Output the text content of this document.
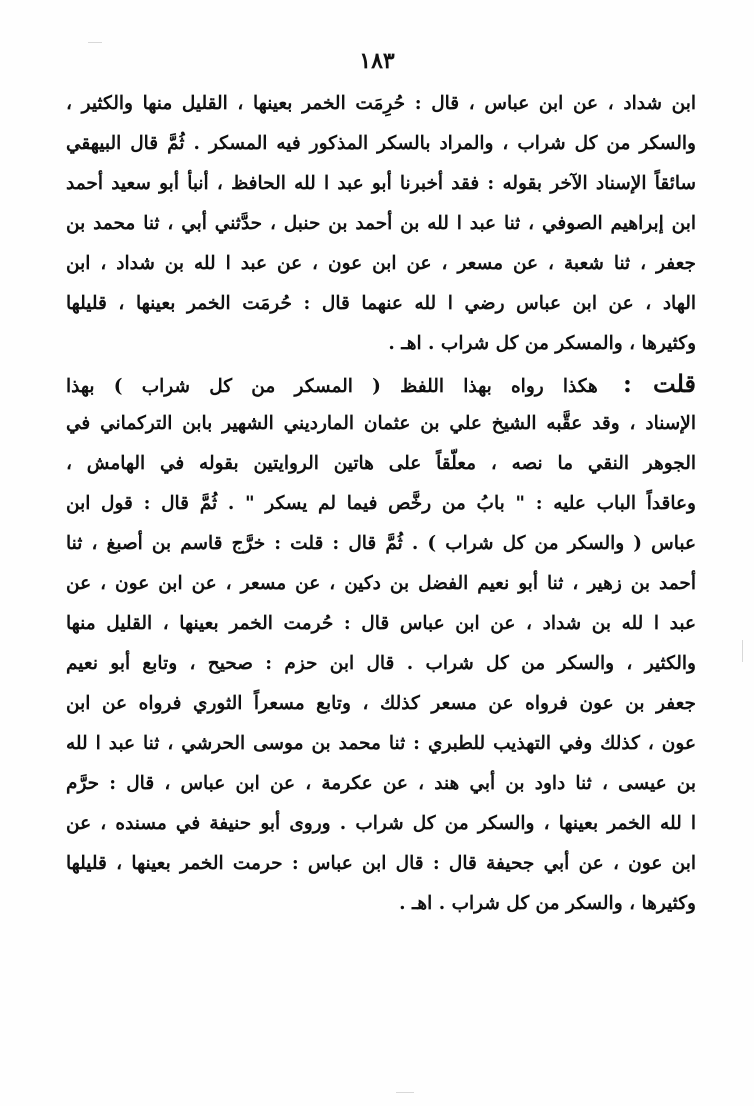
١٨٣
ابن شداد ، عن ابن عباس ، قال : حُرِمَت الخمر بعينها ، القليل منها والكثير ،
والسكر من كل شراب ، والمراد بالسكر المذكور فيه المسكر . ثُمَّ قال البيهقي
سائقاً الإسناد الآخر بقوله : فقد أخبرنا أبو عبد ا لله الحافظ ، أنبأ أبو سعيد أحمد
ابن إبراهيم الصوفي ، ثنا عبد ا لله بن أحمد بن حنبل ، حدَّثني أبي ، ثنا محمد بن
جعفر ، ثنا شعبة ، عن مسعر ، عن ابن عون ، عن عبد ا لله بن شداد ، ابن
الهاد ، عن ابن عباس رضي ا لله عنهما قال : حُرمَت الخمر بعينها ، قليلها
وكثيرها ، والمسكر من كل شراب . اهـ .
قلت : هكذا رواه بهذا اللفظ ( المسكر من كل شراب ) بهذا
الإسناد ، وقد عقَّبه الشيخ علي بن عثمان المارديني الشهير بابن التركماني في
الجوهر النقي ما نصه ، معلّقاً على هاتين الروايتين بقوله في الهامش ،
وعاقداً الباب عليه : " بابُ من رخَّص فيما لم يسكر " . ثُمَّ قال : قول ابن
عباس ( والسكر من كل شراب ) . ثُمَّ قال : قلت : خرَّج قاسم بن أصبغ ، ثنا
أحمد بن زهير ، ثنا أبو نعيم الفضل بن دكين ، عن مسعر ، عن ابن عون ، عن
عبد ا لله بن شداد ، عن ابن عباس قال : حُرمت الخمر بعينها ، القليل منها
والكثير ، والسكر من كل شراب . قال ابن حزم : صحيح ، وتابع أبو نعيم
جعفر بن عون فرواه عن مسعر كذلك ، وتابع مسعراً الثوري فرواه عن ابن
عون ، كذلك وفي التهذيب للطبري : ثنا محمد بن موسى الحرشي ، ثنا عبد ا لله
بن عيسى ، ثنا داود بن أبي هند ، عن عكرمة ، عن ابن عباس ، قال : حرَّم
ا لله الخمر بعينها ، والسكر من كل شراب . وروى أبو حنيفة في مسنده ، عن
ابن عون ، عن أبي جحيفة قال : قال ابن عباس : حرمت الخمر بعينها ، قليلها
وكثيرها ، والسكر من كل شراب . اهـ .
